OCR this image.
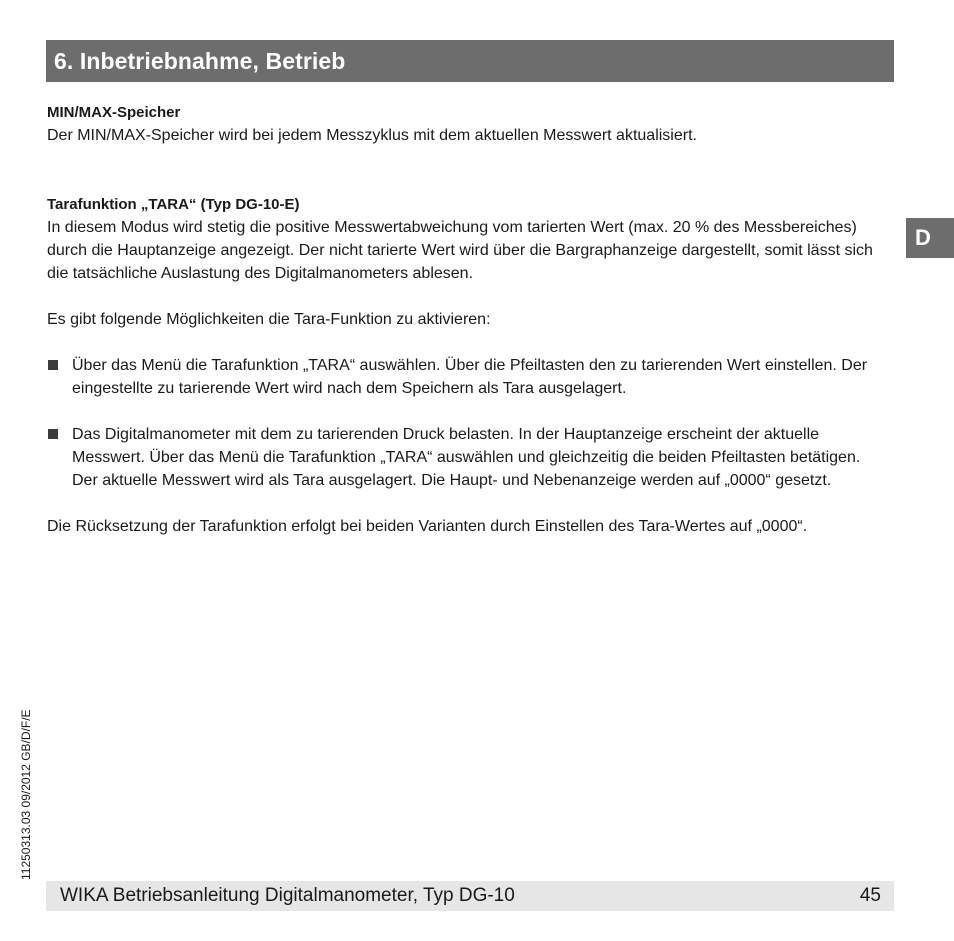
6. Inbetriebnahme, Betrieb
D

MIN/MAX-Speicher

Der MIN/MAX-Speicher wird bei jedem Messzyklus mit dem aktuellen Messwert aktualisiert.

Tarafunktion „TARA“ (Typ DG-10-E)

In diesem Modus wird stetig die positive Messwertabweichung vom tarierten Wert (max. 20 % des Messbereiches) durch die Hauptanzeige angezeigt. Der nicht tarierte Wert wird über die Bargraphanzeige dargestellt, somit lässt sich die tatsächliche Auslastung des Digitalmanometers ablesen.

Es gibt folgende Möglichkeiten die Tara-Funktion zu aktivieren:

Über das Menü die Tarafunktion „TARA“ auswählen. Über die Pfeiltasten den zu tarierenden Wert einstellen. Der eingestellte zu tarierende Wert wird nach dem Speichern als Tara ausgelagert.

Das Digitalmanometer mit dem zu tarierenden Druck belasten. In der Hauptanzeige erscheint der aktuelle Messwert. Über das Menü die Tarafunktion „TARA“ auswählen und gleichzeitig die beiden Pfeiltasten betätigen. Der aktuelle Messwert wird als Tara ausgelagert. Die Haupt- und Nebenanzeige werden auf „0000“ gesetzt.

Die Rücksetzung der Tarafunktion erfolgt bei beiden Varianten durch Einstellen des Tara-Wertes auf „0000“.

11250313.03 09/2012 GB/D/F/E
WIKA Betriebsanleitung Digitalmanometer, Typ DG-10	45
